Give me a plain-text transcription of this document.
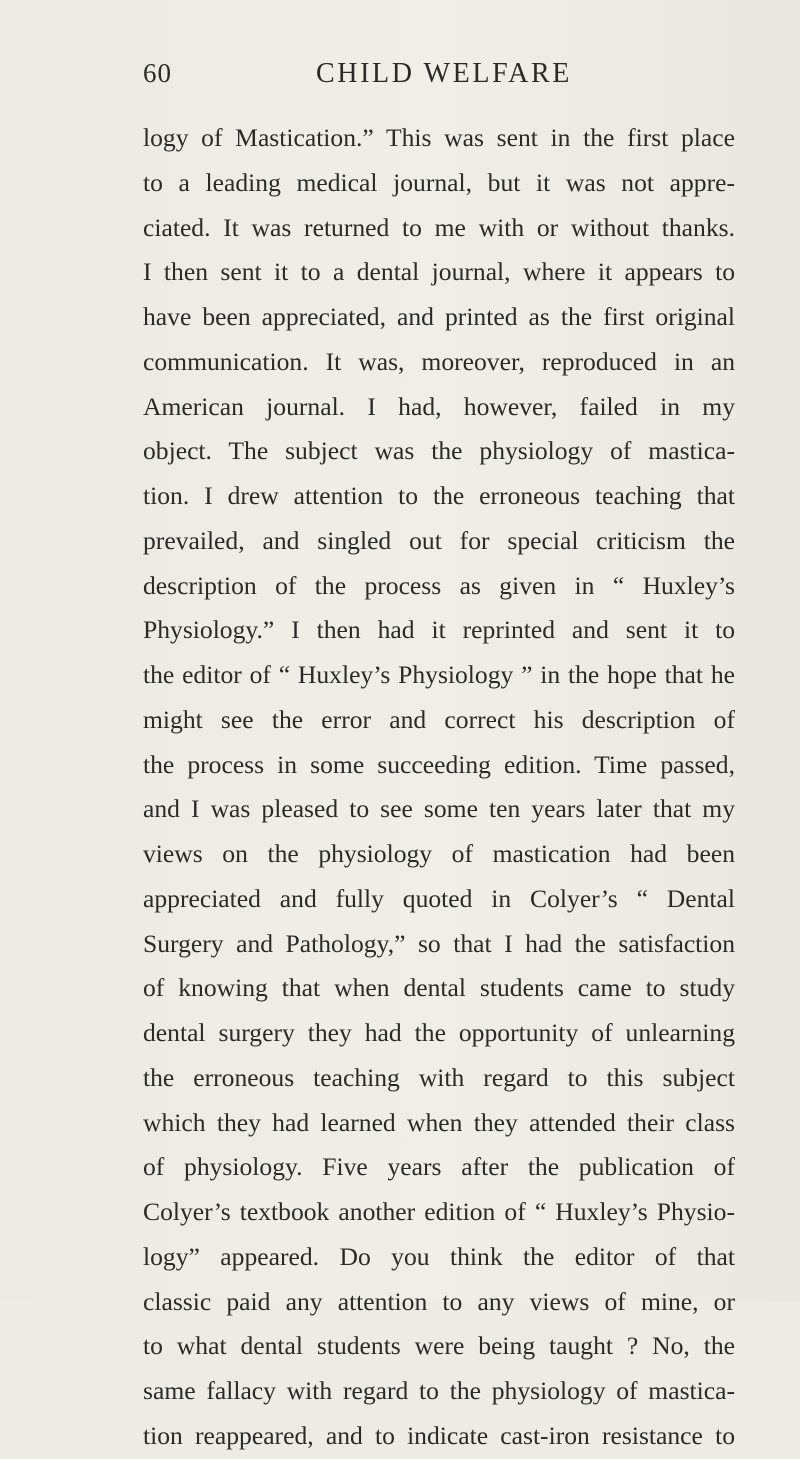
60	CHILD WELFARE
logy of Mastication.” This was sent in the first place
to a leading medical journal, but it was not appre-
ciated. It was returned to me with or without thanks.
I then sent it to a dental journal, where it appears to
have been appreciated, and printed as the first original
communication. It was, moreover, reproduced in an
American journal. I had, however, failed in my
object. The subject was the physiology of mastica-
tion. I drew attention to the erroneous teaching that
prevailed, and singled out for special criticism the
description of the process as given in “ Huxley’s
Physiology.” I then had it reprinted and sent it to
the editor of “ Huxley’s Physiology ” in the hope that he
might see the error and correct his description of
the process in some succeeding edition. Time passed,
and I was pleased to see some ten years later that my
views on the physiology of mastication had been
appreciated and fully quoted in Colyer’s “ Dental
Surgery and Pathology,” so that I had the satisfaction
of knowing that when dental students came to study
dental surgery they had the opportunity of unlearning
the erroneous teaching with regard to this subject
which they had learned when they attended their class
of physiology. Five years after the publication of
Colyer’s textbook another edition of “ Huxley’s Physio-
logy” appeared. Do you think the editor of that
classic paid any attention to any views of mine, or
to what dental students were being taught ? No, the
same fallacy with regard to the physiology of mastica-
tion reappeared, and to indicate cast-iron resistance to
